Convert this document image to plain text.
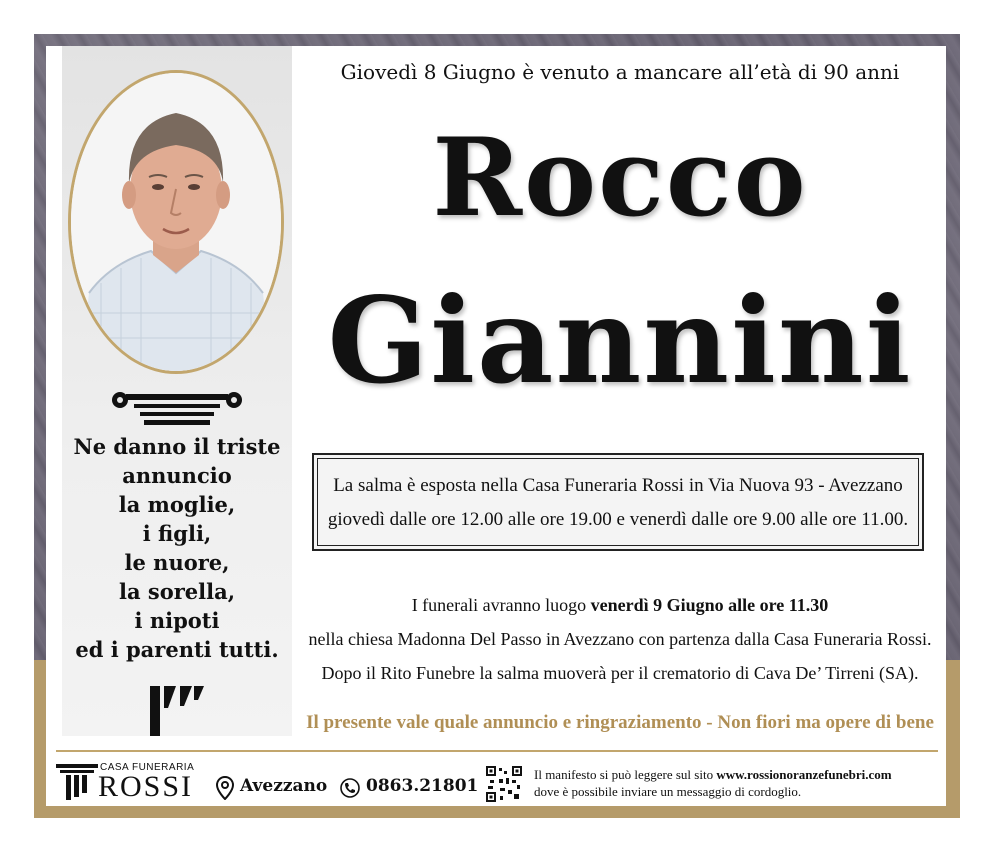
Ne danno il triste
annuncio
la moglie,
i figli,
le nuore,
la sorella,
i nipoti
ed i parenti tutti.
Giovedì 8 Giugno è venuto a mancare all’età di 90 anni
Rocco
Giannini
La salma è esposta nella Casa Funeraria Rossi in Via Nuova 93 - Avezzano
giovedì dalle ore 12.00 alle ore 19.00 e venerdì dalle ore 9.00 alle ore 11.00.
I funerali avranno luogo venerdì 9 Giugno alle ore 11.30
nella chiesa Madonna Del Passo in Avezzano con partenza dalla Casa Funeraria Rossi.
Dopo il Rito Funebre la salma muoverà per il crematorio di Cava De’ Tirreni (SA).
Il presente vale quale annuncio e ringraziamento - Non fiori ma opere di bene
CASA FUNERARIA
ROSSI	Avezzano 0863.21801
Il manifesto si può leggere sul sito www.rossionoranzefunebri.com
dove è possibile inviare un messaggio di cordoglio.
